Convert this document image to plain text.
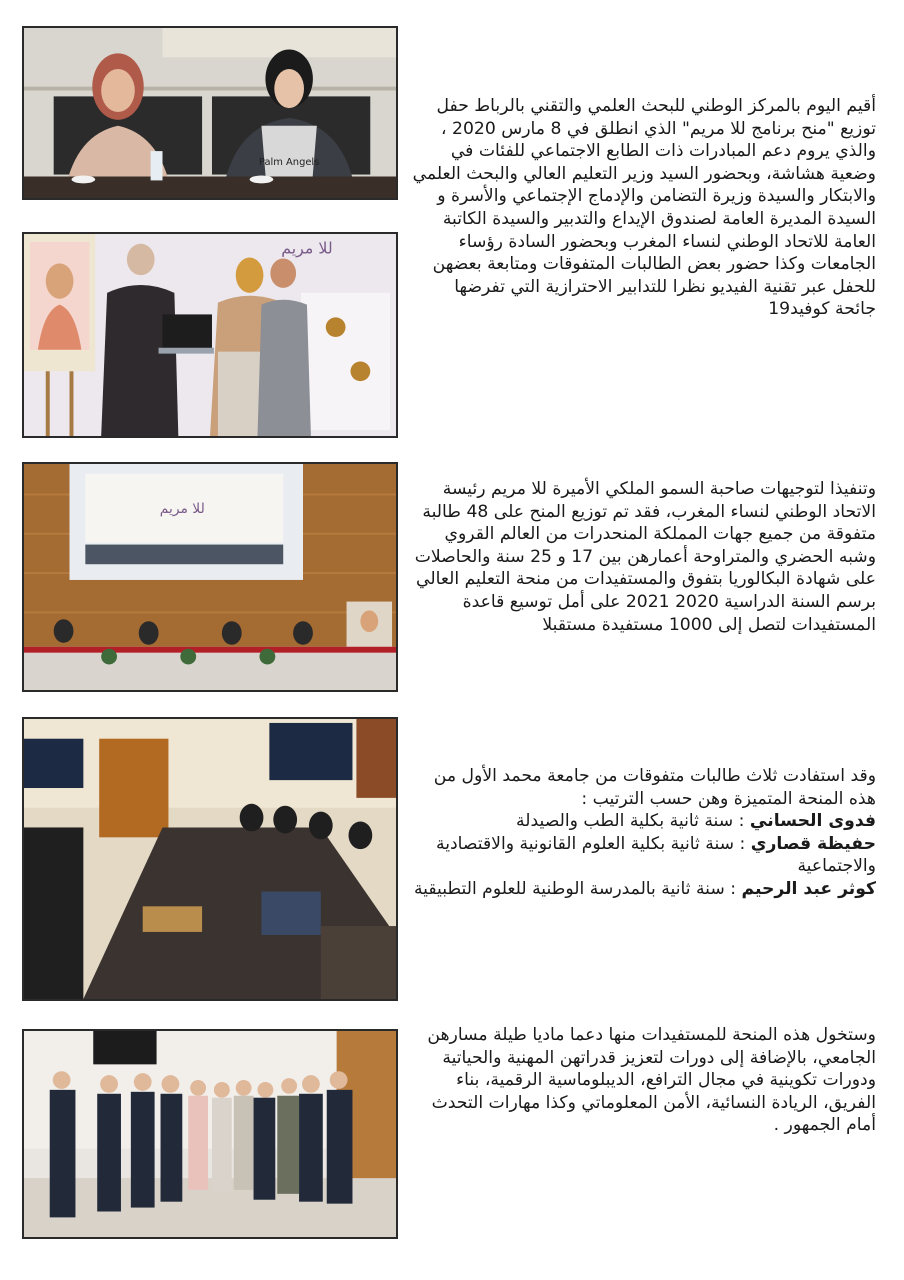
Palm Angels
للا مريم
للا مريم

أقيم اليوم بالمركز الوطني للبحث العلمي والتقني بالرباط حفل توزيع "منح برنامج للا مريم" الذي انطلق في 8 مارس 2020 ، والذي يروم دعم المبادرات ذات الطابع الاجتماعي للفئات في وضعية هشاشة، وبحضور السيد وزير التعليم العالي والبحث العلمي والابتكار والسيدة وزيرة التضامن والإدماج الإجتماعي والأسرة و السيدة المديرة العامة لصندوق الإيداع والتدبير والسيدة الكاتبة العامة للاتحاد الوطني لنساء المغرب وبحضور السادة رؤساء الجامعات وكذا حضور بعض الطالبات المتفوقات ومتابعة بعضهن للحفل عبر تقنية الفيديو نظرا للتدابير الاحترازية التي تفرضها جائحة كوفيد19

وتنفيذا لتوجيهات صاحبة السمو الملكي الأميرة للا مريم رئيسة الاتحاد الوطني لنساء المغرب، فقد تم توزيع المنح على 48 طالبة متفوقة من جميع جهات المملكة المنحدرات من العالم القروي وشبه الحضري والمتراوحة أعمارهن بين 17 و 25 سنة والحاصلات على شهادة البكالوريا بتفوق والمستفيدات من منحة التعليم العالي برسم السنة الدراسية 2020 2021 على أمل توسيع قاعدة المستفيدات لتصل إلى 1000 مستفيدة مستقبلا

وقد استفادت ثلاث طالبات متفوقات من جامعة محمد الأول من هذه المنحة المتميزة وهن حسب الترتيب :

فدوى الحساني : سنة ثانية بكلية الطب والصيدلة

حفيظة قصاري : سنة ثانية بكلية العلوم القانونية والاقتصادية والاجتماعية

كوثر عبد الرحيم : سنة ثانية بالمدرسة الوطنية للعلوم التطبيقية

وستخول هذه المنحة للمستفيدات منها دعما ماديا طيلة مسارهن الجامعي، بالإضافة إلى دورات لتعزيز قدراتهن المهنية والحياتية ودورات تكوينية في مجال الترافع، الديبلوماسية الرقمية، بناء الفريق، الريادة النسائية، الأمن المعلوماتي وكذا مهارات التحدث أمام الجمهور .
